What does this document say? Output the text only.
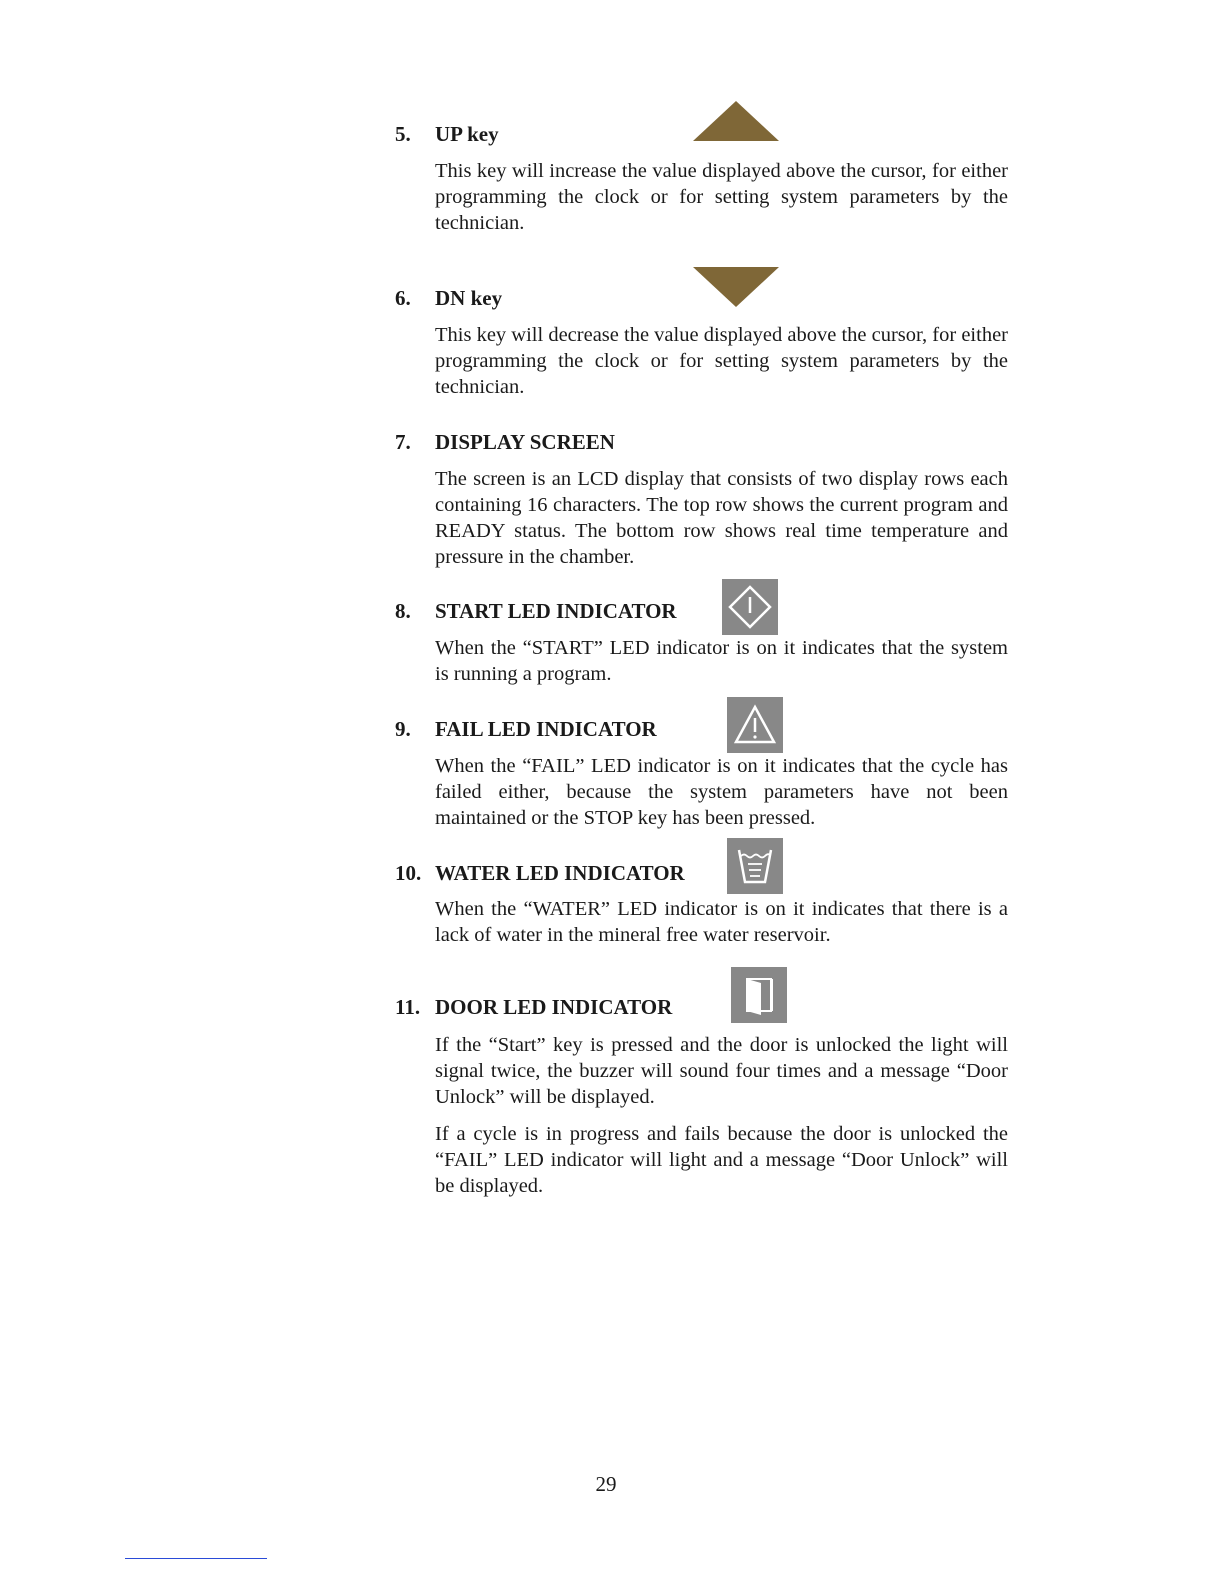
5. UP key

This key will increase the value displayed above the cursor, for either programming the clock or for setting system parameters by the technician.

6. DN key

This key will decrease the value displayed above the cursor, for either programming the clock or for setting system parameters by the technician.

7. DISPLAY SCREEN

The screen is an LCD display that consists of two display rows each containing 16 characters. The top row shows the current program and READY status. The bottom row shows real time temperature and pressure in the chamber.

8. START LED INDICATOR

When the “START” LED indicator is on it indicates that the system is running a program.

9. FAIL LED INDICATOR

When the “FAIL” LED indicator is on it indicates that the cycle has failed either, because the system parameters have not been maintained or the STOP key has been pressed.

10. WATER LED INDICATOR

When the “WATER” LED indicator is on it indicates that there is a lack of water in the mineral free water reservoir.

11. DOOR LED INDICATOR

If the “Start” key is pressed and the door is unlocked the light will signal twice, the buzzer will sound four times and a message “Door Unlock” will be displayed.

If a cycle is in progress and fails because the door is unlocked the “FAIL” LED indicator will light and a message “Door Unlock” will be displayed.

29
